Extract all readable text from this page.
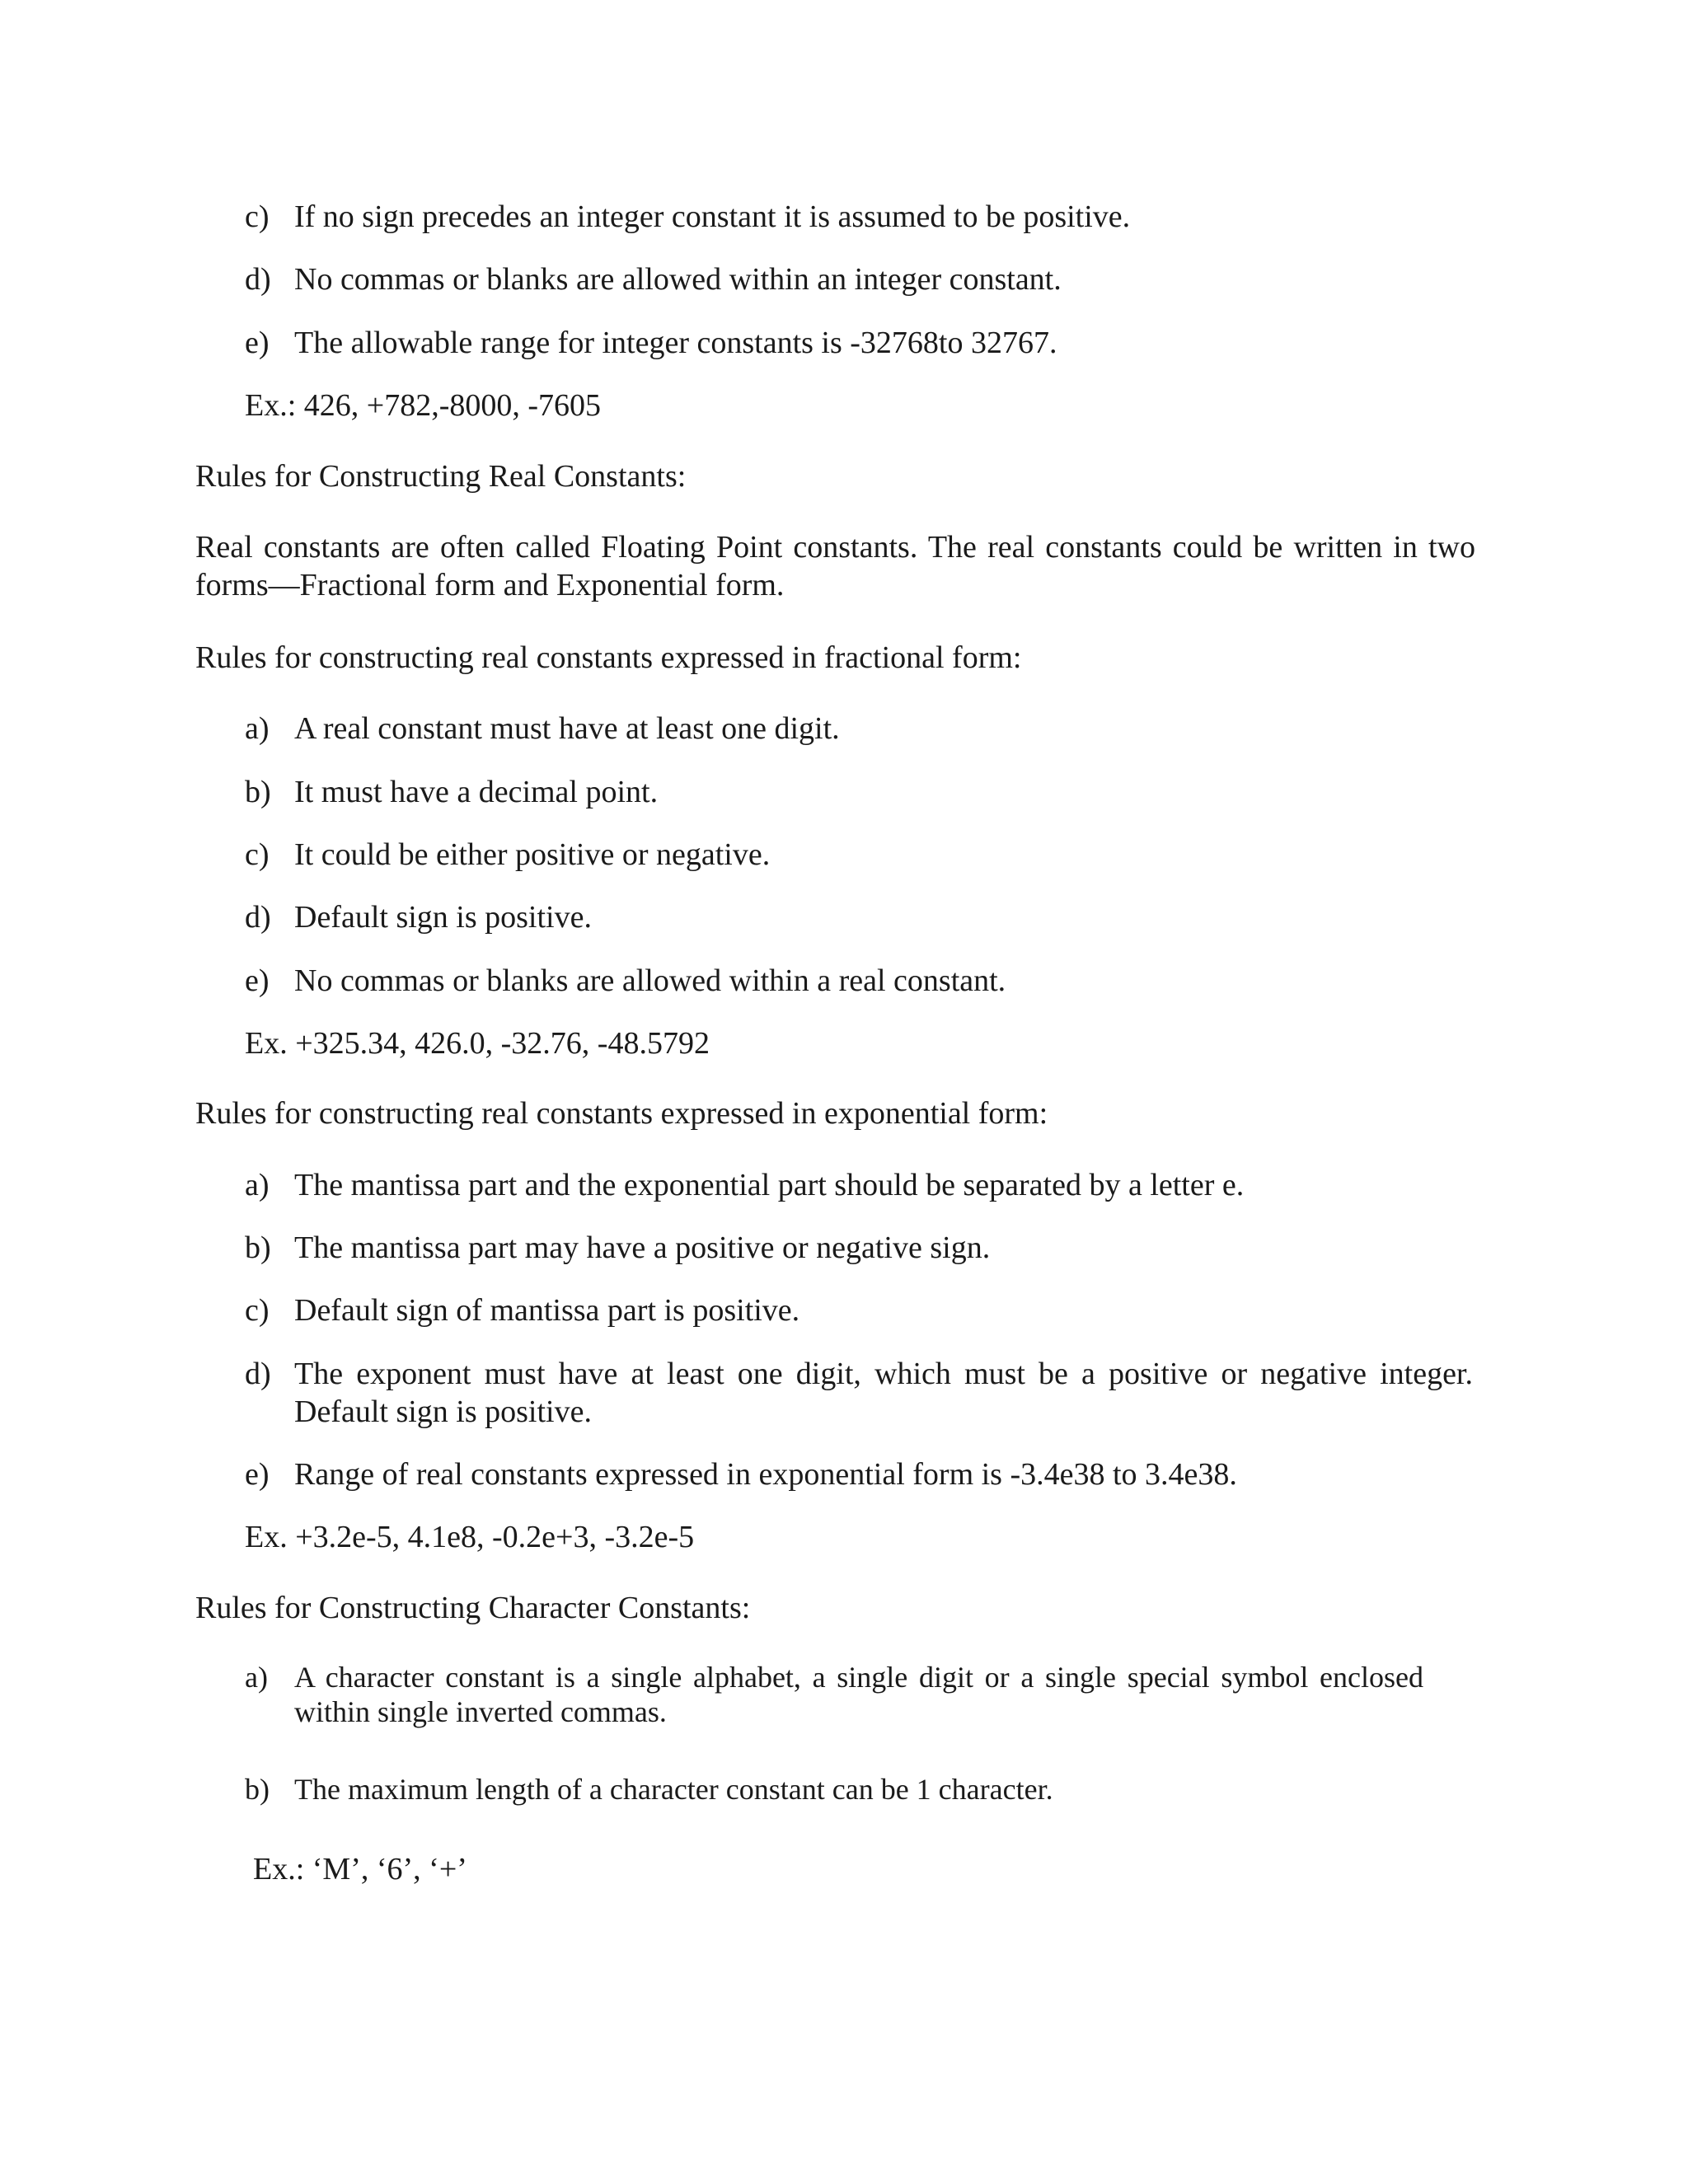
c) If no sign precedes an integer constant it is assumed to be positive.
d) No commas or blanks are allowed within an integer constant.
e) The allowable range for integer constants is -32768to 32767.
Ex.: 426, +782,-8000, -7605
Rules for Constructing Real Constants:
Real constants are often called Floating Point constants. The real constants could be written in two forms—Fractional form and Exponential form.
Rules for constructing real constants expressed in fractional form:
a) A real constant must have at least one digit.
b) It must have a decimal point.
c) It could be either positive or negative.
d) Default sign is positive.
e) No commas or blanks are allowed within a real constant.
Ex. +325.34, 426.0, -32.76, -48.5792
Rules for constructing real constants expressed in exponential form:
a) The mantissa part and the exponential part should be separated by a letter e.
b) The mantissa part may have a positive or negative sign.
c) Default sign of mantissa part is positive.
d) The exponent must have at least one digit, which must be a positive or negative integer. Default sign is positive.
e) Range of real constants expressed in exponential form is -3.4e38 to 3.4e38.
Ex. +3.2e-5, 4.1e8, -0.2e+3, -3.2e-5
Rules for Constructing Character Constants:
a) A character constant is a single alphabet, a single digit or a single special symbol enclosed within single inverted commas.
b) The maximum length of a character constant can be 1 character.
Ex.: ‘M’, ‘6’, ‘+’
